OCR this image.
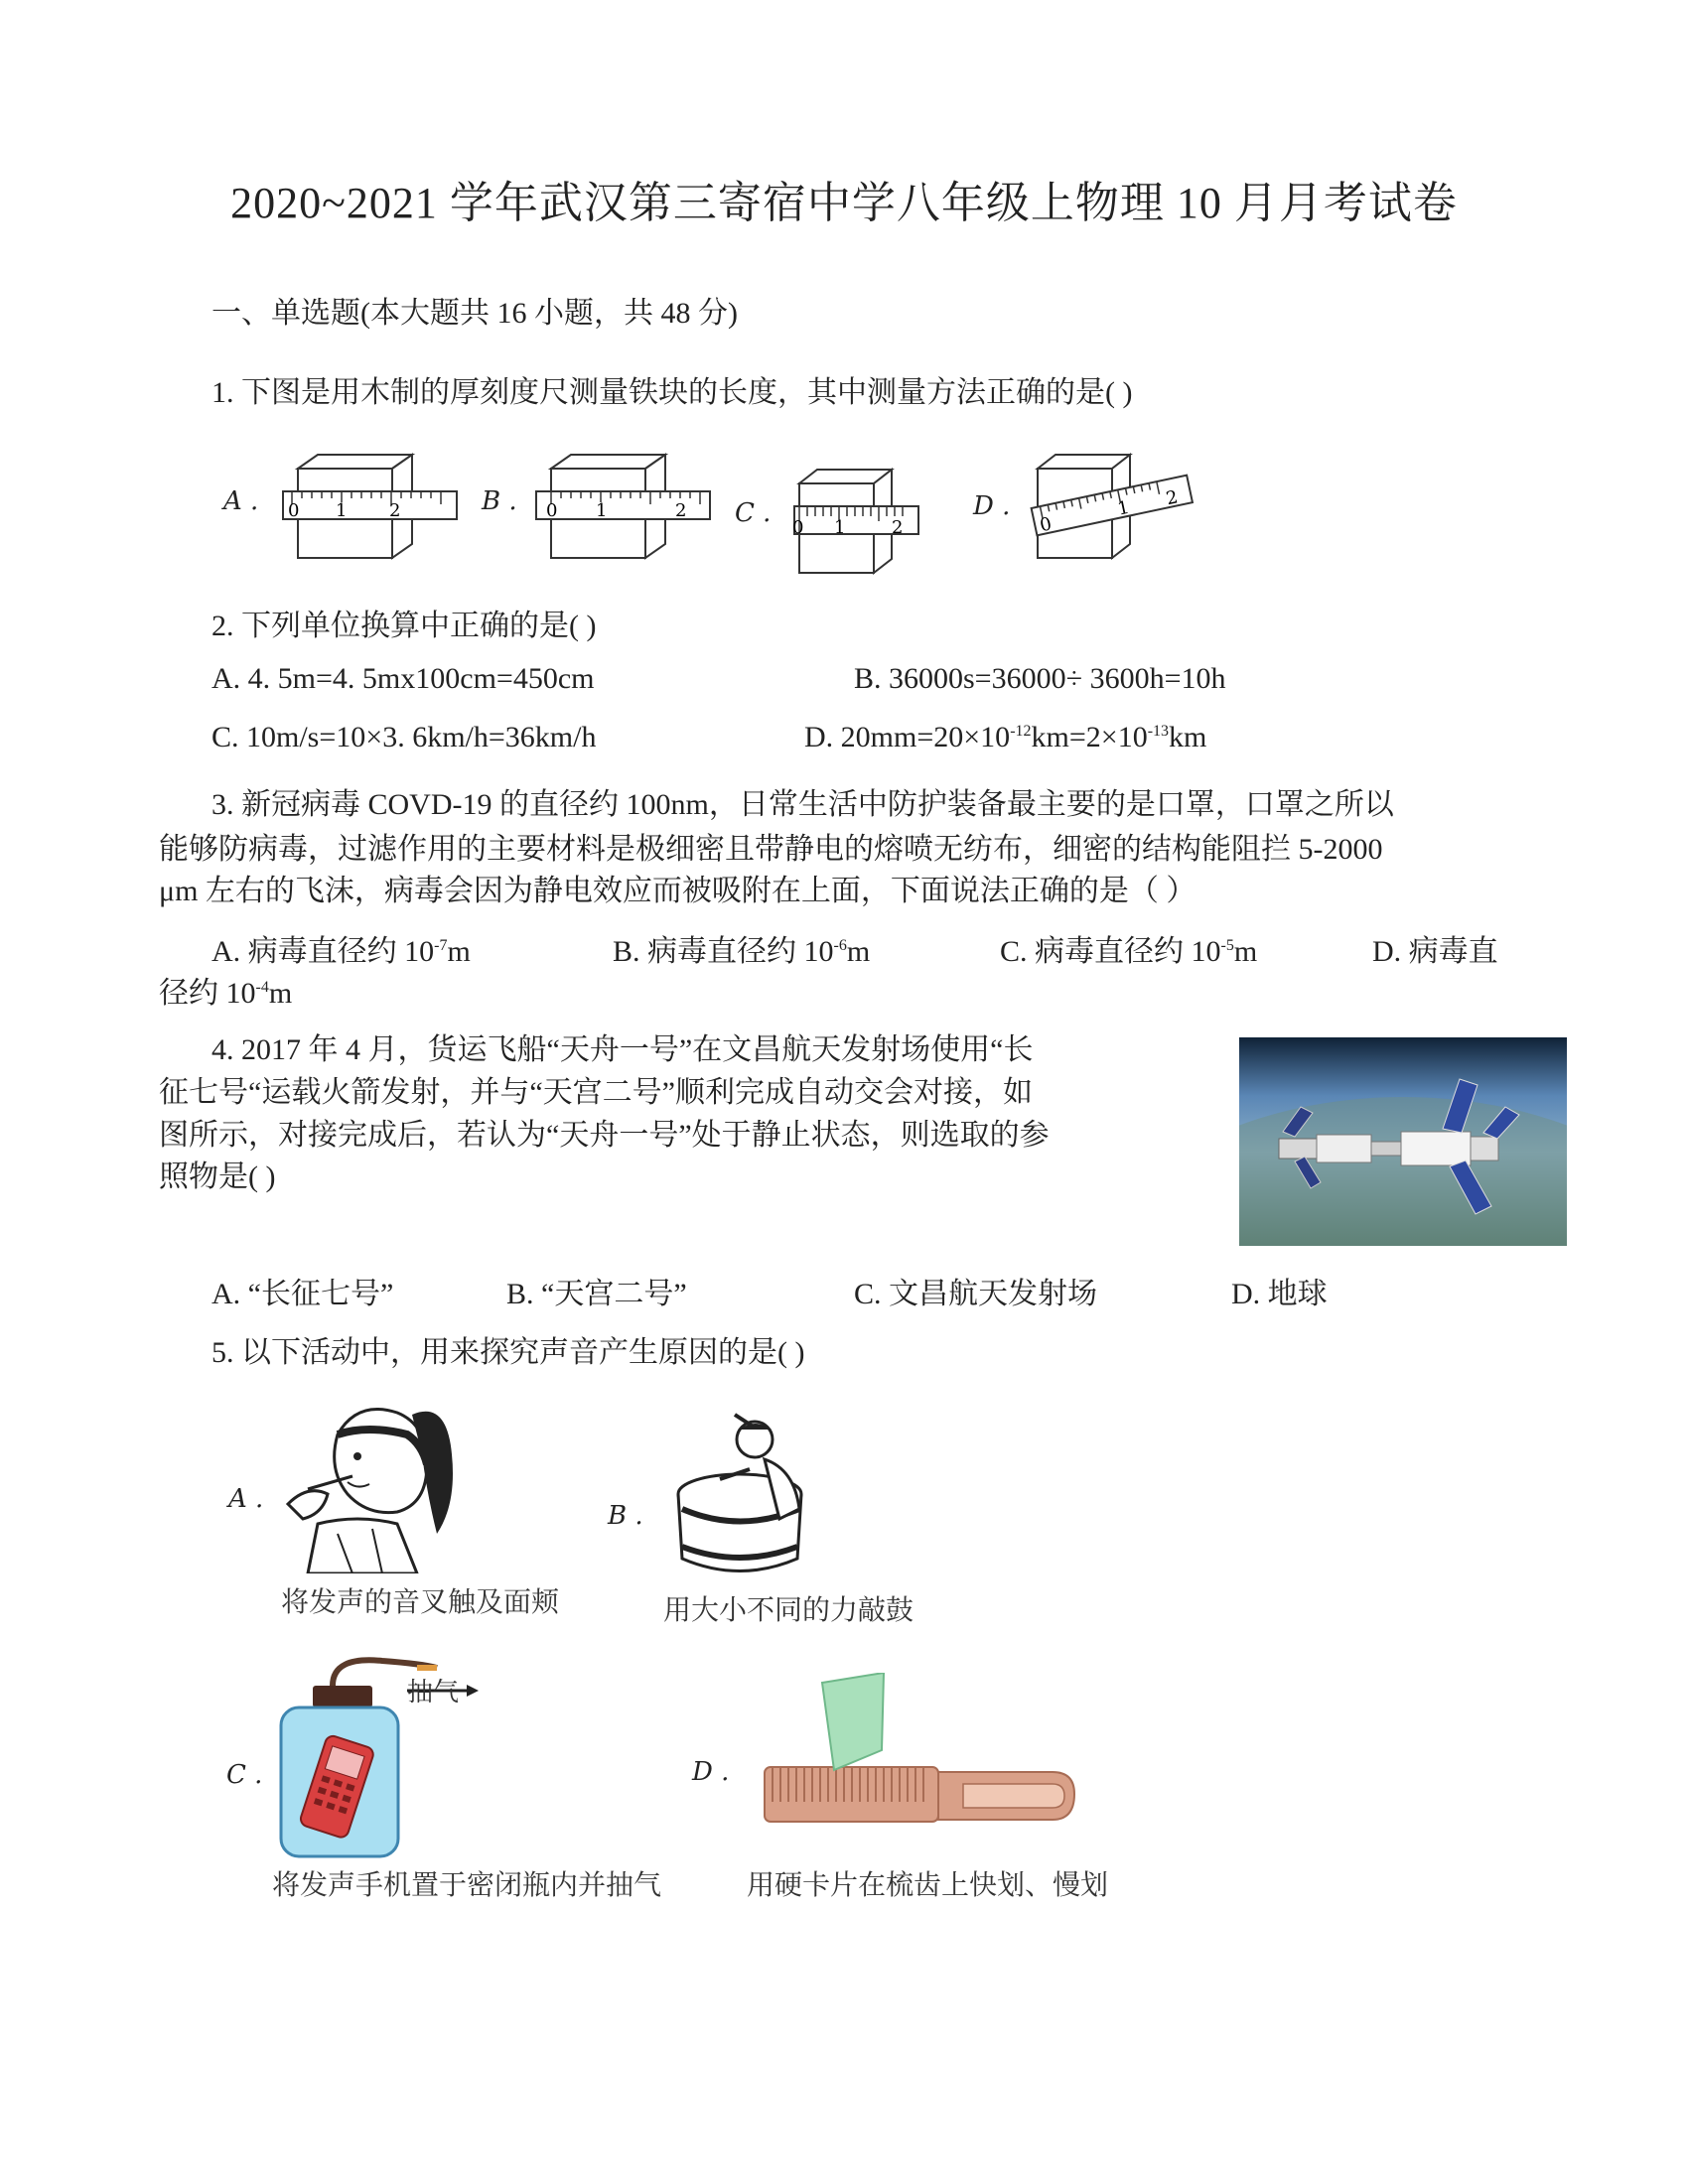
2020~2021 学年武汉第三寄宿中学八年级上物理 10 月月考试卷
一、单选题(本大题共 16 小题，共 48 分)
1. 下图是用木制的厚刻度尺测量铁块的长度，其中测量方法正确的是( )
A . 0 1 2	B . 0 1	2 C . 0 1	2
D .
0
1 2
2. 下列单位换算中正确的是( )
A. 4. 5m=4. 5mx100cm=450cm	B. 36000s=36000÷ 3600h=10h
C. 10m/s=10×3. 6km/h=36km/h	D. $20mm=20\times 10^{-12}km=2\times 10^{-13}km$
3. 新冠病毒 COVD-19 的直径约 100nm，日常生活中防护装备最主要的是口罩，口罩之所以
能够防病毒，过滤作用的主要材料是极细密且带静电的熔喷无纺布，细密的结构能阻拦 5-2000
μm 左右的飞沫，病毒会因为静电效应而被吸附在上面，下面说法正确的是（ ）
A. 病毒直径约 $10^{-7}m$	B. 病毒直径约 $10^{-6}m$	C. 病毒直径约 $10^{-5}m$	D. 病毒直
径约 $10^{-4}m$
4. 2017 年 4 月，货运飞船“天舟一号”在文昌航天发射场使用“长
征七号“运载火箭发射，并与“天宫二号”顺利完成自动交会对接，如
图所示，对接完成后，若认为“天舟一号”处于静止状态，则选取的参
照物是( )
A. “长征七号”	B. “天宫二号”	C. 文昌航天发射场	D. 地球
5. 以下活动中，用来探究声音产生原因的是( )
A .
将发声的音叉触及面颊
B .
用大小不同的力敲鼓
C .
抽气
将发声手机置于密闭瓶内并抽气
D .
用硬卡片在梳齿上快划、慢划
